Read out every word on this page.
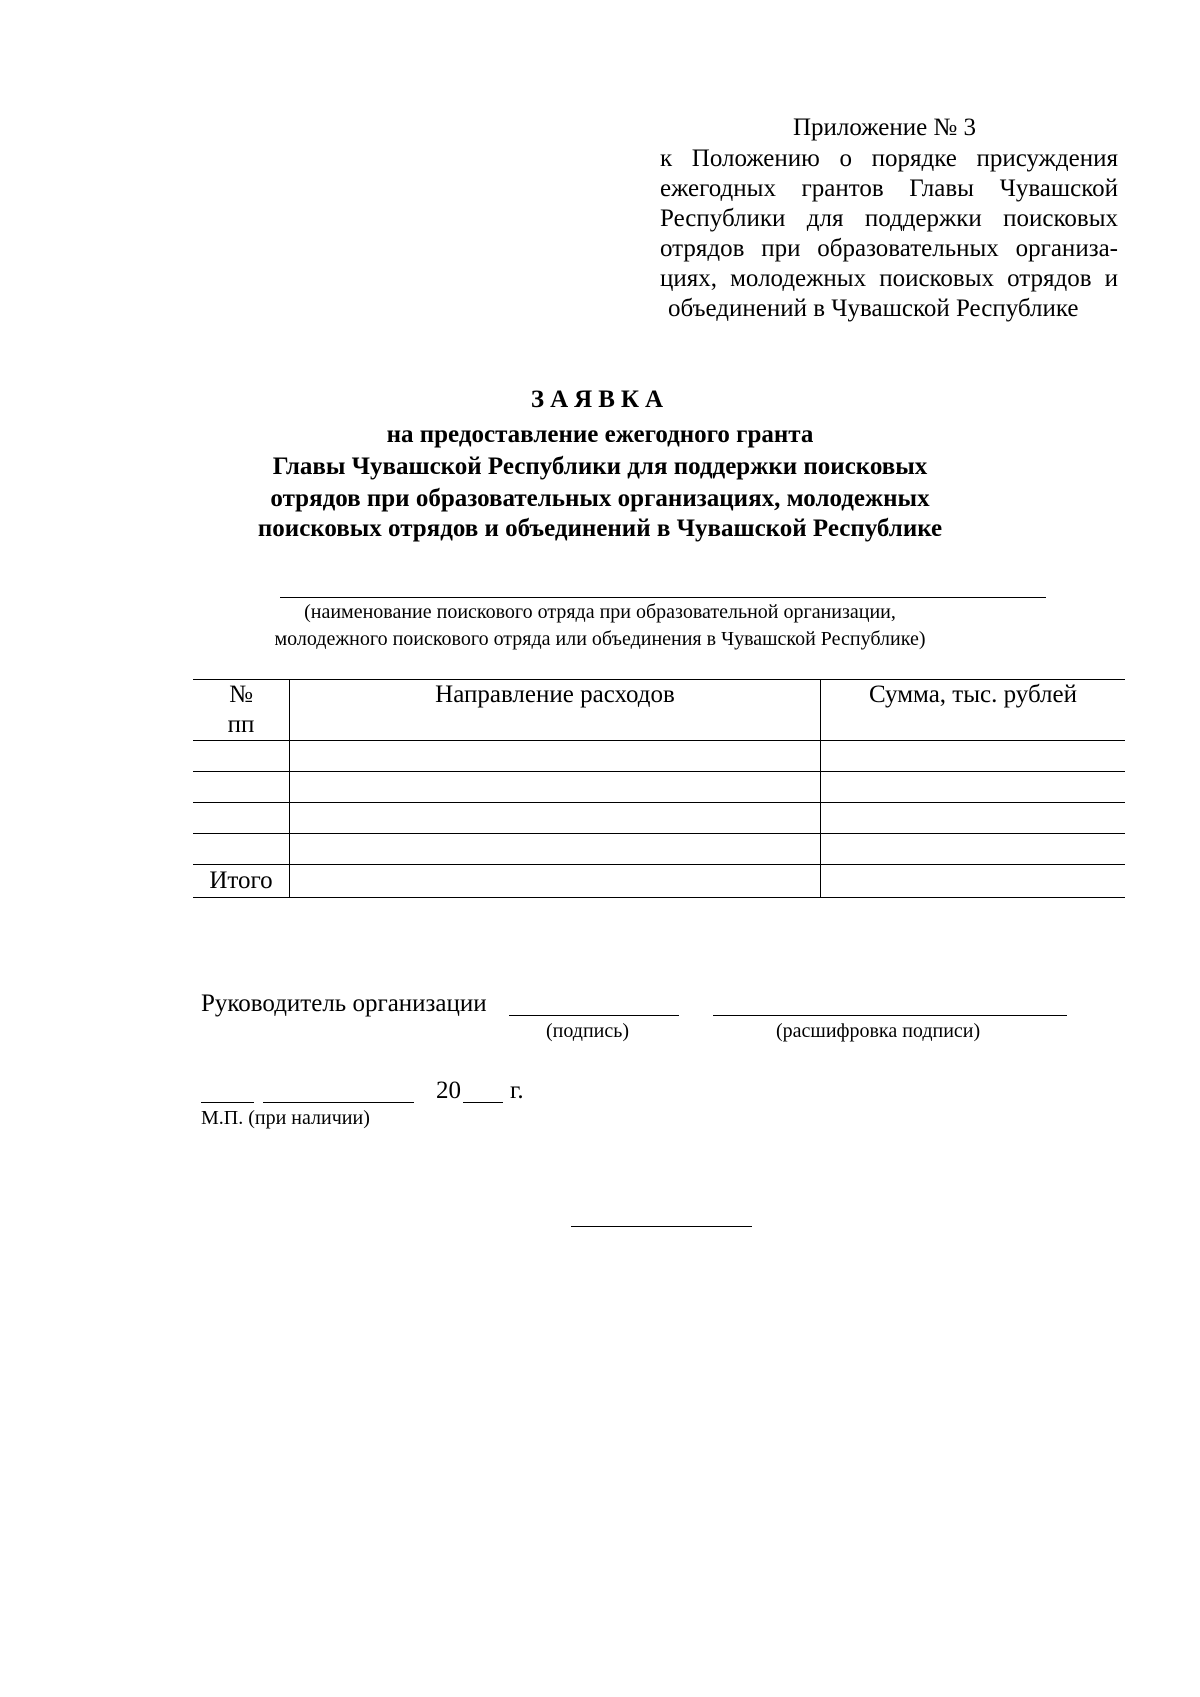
Приложение № 3
к Положению о порядке присуждения
ежегодных грантов Главы Чувашской
Республики для поддержки поисковых
отрядов при образовательных организа-
циях, молодежных поисковых отрядов и
объединений в Чувашской Республике
ЗАЯВКА
на предоставление ежегодного гранта
Главы Чувашской Республики для поддержки поисковых
отрядов при образовательных организациях, молодежных
поисковых отрядов и объединений в Чувашской Республике
(наименование поискового отряда при образовательной организации,
молодежного поискового отряда или объединения в Чувашской Республике)
№
пп	Направление расходов	Сумма, тыс. рублей

Итого		
Руководитель организации
(подпись)	(расшифровка подписи)
20 г.
М.П. (при наличии)
